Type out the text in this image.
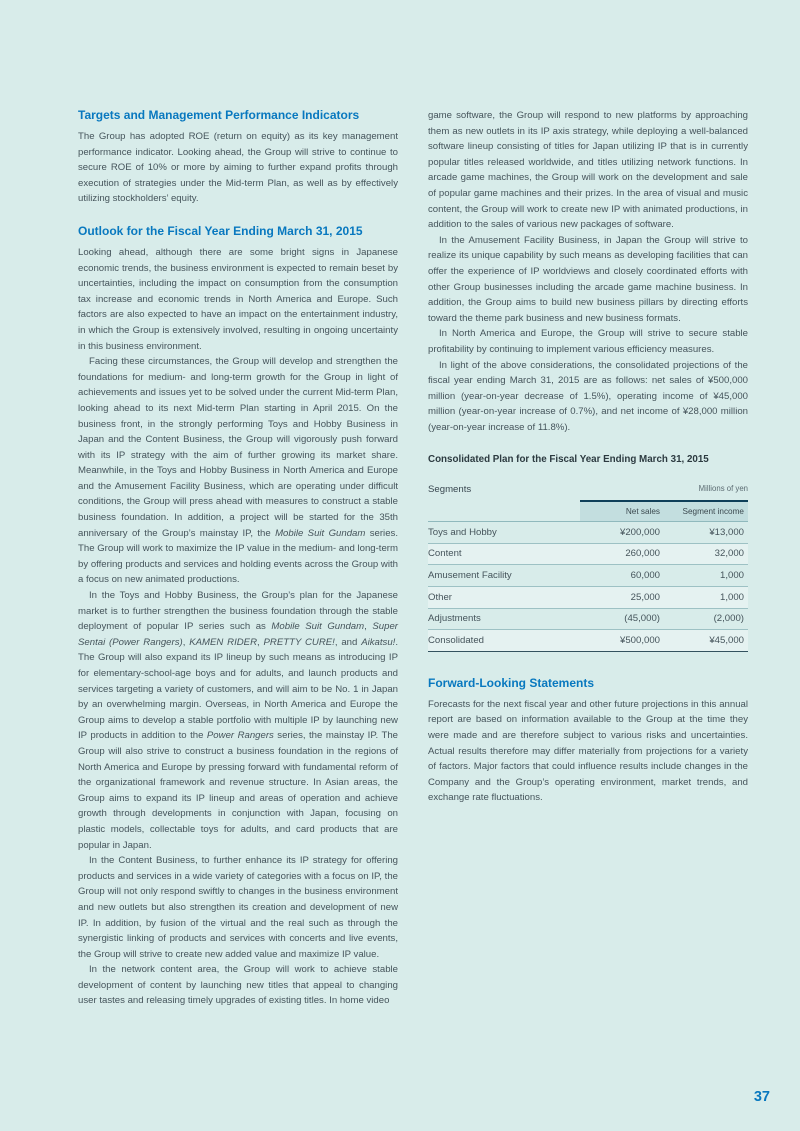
Targets and Management Performance Indicators

The Group has adopted ROE (return on equity) as its key management performance indicator. Looking ahead, the Group will strive to continue to secure ROE of 10% or more by aiming to further expand profits through execution of strategies under the Mid-term Plan, as well as by effectively utilizing stockholders’ equity.

Outlook for the Fiscal Year Ending March 31, 2015

Looking ahead, although there are some bright signs in Japanese economic trends, the business environment is expected to remain beset by uncertainties, including the impact on consumption from the consumption tax increase and economic trends in North America and Europe. Such factors are also expected to have an impact on the entertainment industry, in which the Group is extensively involved, resulting in ongoing uncertainty in this business environment.

Facing these circumstances, the Group will develop and strengthen the foundations for medium- and long-term growth for the Group in light of achievements and issues yet to be solved under the current Mid-term Plan, looking ahead to its next Mid-term Plan starting in April 2015. On the business front, in the strongly performing Toys and Hobby Business in Japan and the Content Business, the Group will vigorously push forward with its IP strategy with the aim of further growing its market share. Meanwhile, in the Toys and Hobby Business in North America and Europe and the Amusement Facility Business, which are operating under difficult conditions, the Group will press ahead with measures to construct a stable business foundation. In addition, a project will be started for the 35th anniversary of the Group’s mainstay IP, the Mobile Suit Gundam series. The Group will work to maximize the IP value in the medium- and long-term by offering products and services and holding events across the Group with a focus on new animated productions.

In the Toys and Hobby Business, the Group’s plan for the Japanese market is to further strengthen the business foundation through the stable deployment of popular IP series such as Mobile Suit Gundam, Super Sentai (Power Rangers), KAMEN RIDER, PRETTY CURE!, and Aikatsu!. The Group will also expand its IP lineup by such means as introducing IP for elementary-school-age boys and for adults, and launch products and services targeting a variety of customers, and will aim to be No. 1 in Japan by an overwhelming margin. Overseas, in North America and Europe the Group aims to develop a stable portfolio with multiple IP by launching new IP products in addition to the Power Rangers series, the mainstay IP. The Group will also strive to construct a business foundation in the regions of North America and Europe by pressing forward with fundamental reform of the organizational framework and revenue structure. In Asian areas, the Group aims to expand its IP lineup and areas of operation and achieve growth through developments in conjunction with Japan, focusing on plastic models, collectable toys for adults, and card products that are popular in Japan.

In the Content Business, to further enhance its IP strategy for offering products and services in a wide variety of categories with a focus on IP, the Group will not only respond swiftly to changes in the business environment and new outlets but also strengthen its creation and development of new IP. In addition, by fusion of the virtual and the real such as through the synergistic linking of products and services with concerts and live events, the Group will strive to create new added value and maximize IP value.

In the network content area, the Group will work to achieve stable development of content by launching new titles that appeal to changing user tastes and releasing timely upgrades of existing titles. In home video

game software, the Group will respond to new platforms by approaching them as new outlets in its IP axis strategy, while deploying a well-balanced software lineup consisting of titles for Japan utilizing IP that is in currently popular titles released worldwide, and titles utilizing network functions. In arcade game machines, the Group will work on the development and sale of popular game machines and their prizes. In the area of visual and music content, the Group will work to create new IP with animated productions, in addition to the sales of various new packages of software.

In the Amusement Facility Business, in Japan the Group will strive to realize its unique capability by such means as developing facilities that can offer the experience of IP worldviews and closely coordinated efforts with other Group businesses including the arcade game machine business. In addition, the Group aims to build new business pillars by directing efforts toward the theme park business and new business formats.

In North America and Europe, the Group will strive to secure stable profitability by continuing to implement various efficiency measures.

In light of the above considerations, the consolidated projections of the fiscal year ending March 31, 2015 are as follows: net sales of ¥500,000 million (year-on-year decrease of 1.5%), operating income of ¥45,000 million (year-on-year increase of 0.7%), and net income of ¥28,000 million (year-on-year increase of 11.8%).

Consolidated Plan for the Fiscal Year Ending March 31, 2015
Segments	Millions of yen	
	Net sales	Segment income
Toys and Hobby	¥200,000	¥13,000
Content	260,000	32,000
Amusement Facility	60,000	1,000
Other	25,000	1,000
Adjustments	(45,000)	(2,000)
Consolidated	¥500,000	¥45,000
Forward-Looking Statements

Forecasts for the next fiscal year and other future projections in this annual report are based on information available to the Group at the time they were made and are therefore subject to various risks and uncertainties. Actual results therefore may differ materially from projections for a variety of factors. Major factors that could influence results include changes in the Company and the Group’s operating environment, market trends, and exchange rate fluctuations.

37
